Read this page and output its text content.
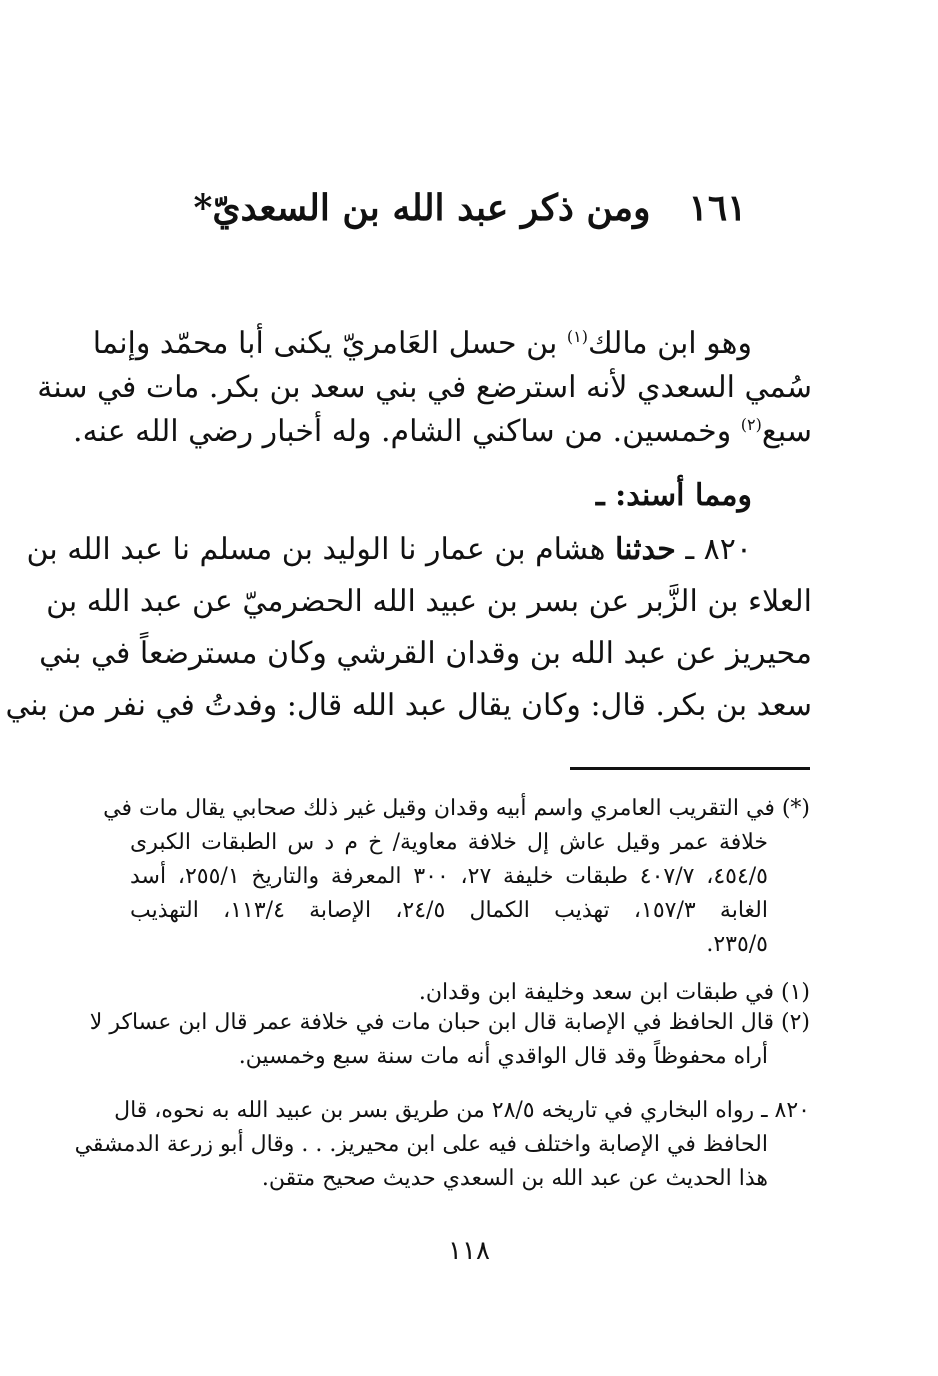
١٦١
ومن ذكر عبد الله بن السعديّ*
وهو ابن مالك$^{(١)}$ بن حسل العَامريّ يكنى أبا محمّد وإنما
سُمي السعدي لأنه استرضع في بني سعد بن بكر. مات في سنة
سبع$^{(٢)}$ وخمسين. من ساكني الشام. وله أخبار رضي الله عنه.
ومما أسند: ـ
٨٢٠ ـ حدثنا هشام بن عمار نا الوليد بن مسلم نا عبد الله بن
العلاء بن الزَّبر عن بسر بن عبيد الله الحضرميّ عن عبد الله بن
محيريز عن عبد الله بن وقدان القرشي وكان مسترضعاً في بني
سعد بن بكر. قال: وكان يقال عبد الله قال: وفدتُ في نفر من بني
(*) في التقريب العامري واسم أبيه وقدان وقيل غير ذلك صحابي يقال مات في
خلافة عمر وقيل عاش إل خلافة معاوية/ خ م د س الطبقات الكبرى
٤٥٤/٥، ٤٠٧/٧ طبقات خليفة ٢٧، ٣٠٠ المعرفة والتاريخ ٢٥٥/١، أسد
الغابة ١٥٧/٣، تهذيب الكمال ٢٤/٥، الإصابة ١١٣/٤، التهذيب
٢٣٥/٥.
(١) في طبقات ابن سعد وخليفة ابن وقدان.
(٢) قال الحافظ في الإصابة قال ابن حبان مات في خلافة عمر قال ابن عساكر لا
أراه محفوظاً وقد قال الواقدي أنه مات سنة سبع وخمسين.
٨٢٠ ـ رواه البخاري في تاريخه ٢٨/٥ من طريق بسر بن عبيد الله به نحوه، قال
الحافظ في الإصابة واختلف فيه على ابن محيريز. . . وقال أبو زرعة الدمشقي
هذا الحديث عن عبد الله بن السعدي حديث صحيح متقن.
١١٨
